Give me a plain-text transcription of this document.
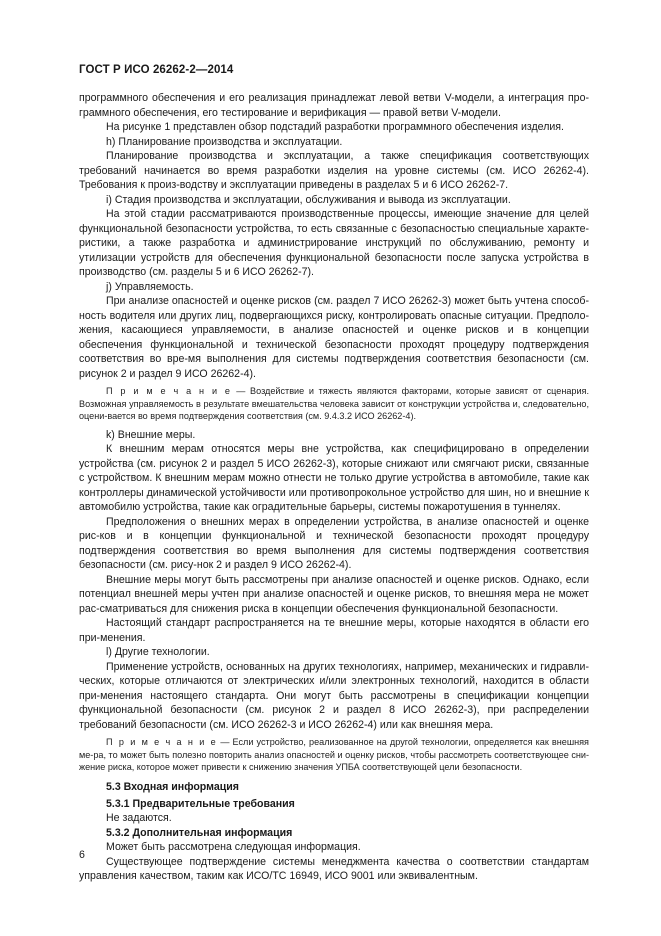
ГОСТ Р ИСО 26262-2—2014

программного обеспечения и его реализация принадлежат левой ветви V-модели, а интеграция про-граммного обеспечения, его тестирование и верификация — правой ветви V-модели.

На рисунке 1 представлен обзор подстадий разработки программного обеспечения изделия.

h) Планирование производства и эксплуатации.

Планирование производства и эксплуатации, а также спецификация соответствующих требований начинается во время разработки изделия на уровне системы (см. ИСО 26262-4). Требования к произ-водству и эксплуатации приведены в разделах 5 и 6 ИСО 26262-7.

i) Стадия производства и эксплуатации, обслуживания и вывода из эксплуатации.

На этой стадии рассматриваются производственные процессы, имеющие значение для целей функциональной безопасности устройства, то есть связанные с безопасностью специальные характе-ристики, а также разработка и администрирование инструкций по обслуживанию, ремонту и утилизации устройств для обеспечения функциональной безопасности после запуска устройства в производство (см. разделы 5 и 6 ИСО 26262-7).

j) Управляемость.

При анализе опасностей и оценке рисков (см. раздел 7 ИСО 26262-3) может быть учтена способ-ность водителя или других лиц, подвергающихся риску, контролировать опасные ситуации. Предполо-жения, касающиеся управляемости, в анализе опасностей и оценке рисков и в концепции обеспечения функциональной и технической безопасности проходят процедуру подтверждения соответствия во вре-мя выполнения для системы подтверждения соответствия безопасности (см. рисунок 2 и раздел 9 ИСО 26262-4).

П р и м е ч а н и е — Воздействие и тяжесть являются факторами, которые зависят от сценария. Возможная управляемость в результате вмешательства человека зависит от конструкции устройства и, следовательно, оцени-вается во время подтверждения соответствия (см. 9.4.3.2 ИСО 26262-4).

k) Внешние меры.

К внешним мерам относятся меры вне устройства, как специфицировано в определении устройства (см. рисунок 2 и раздел 5 ИСО 26262-3), которые снижают или смягчают риски, связанные с устройством. К внешним мерам можно отнести не только другие устройства в автомобиле, такие как контроллеры динамической устойчивости или противопрокольное устройство для шин, но и внешние к автомобилю устройства, такие как оградительные барьеры, системы пожаротушения в туннелях.

Предположения о внешних мерах в определении устройства, в анализе опасностей и оценке рис-ков и в концепции функциональной и технической безопасности проходят процедуру подтверждения соответствия во время выполнения для системы подтверждения соответствия безопасности (см. рису-нок 2 и раздел 9 ИСО 26262-4).

Внешние меры могут быть рассмотрены при анализе опасностей и оценке рисков. Однако, если потенциал внешней меры учтен при анализе опасностей и оценке рисков, то внешняя мера не может рас-сматриваться для снижения риска в концепции обеспечения функциональной безопасности.

Настоящий стандарт распространяется на те внешние меры, которые находятся в области его при-менения.

l) Другие технологии.

Применение устройств, основанных на других технологиях, например, механических и гидравли-ческих, которые отличаются от электрических и/или электронных технологий, находится в области при-менения настоящего стандарта. Они могут быть рассмотрены в спецификации концепции функциональной безопасности (см. рисунок 2 и раздел 8 ИСО 26262-3), при распределении требований безопасности (см. ИСО 26262-3 и ИСО 26262-4) или как внешняя мера.

П р и м е ч а н и е — Если устройство, реализованное на другой технологии, определяется как внешняя ме-ра, то может быть полезно повторить анализ опасностей и оценку рисков, чтобы рассмотреть соответствующее сни-жение риска, которое может привести к снижению значения УПБА соответствующей цели безопасности.

5.3 Входная информация

5.3.1 Предварительные требования

Не задаются.

5.3.2 Дополнительная информация

Может быть рассмотрена следующая информация.

Существующее подтверждение системы менеджмента качества о соответствии стандартам управления качеством, таким как ИСО/ТС 16949, ИСО 9001 или эквивалентным.

6
